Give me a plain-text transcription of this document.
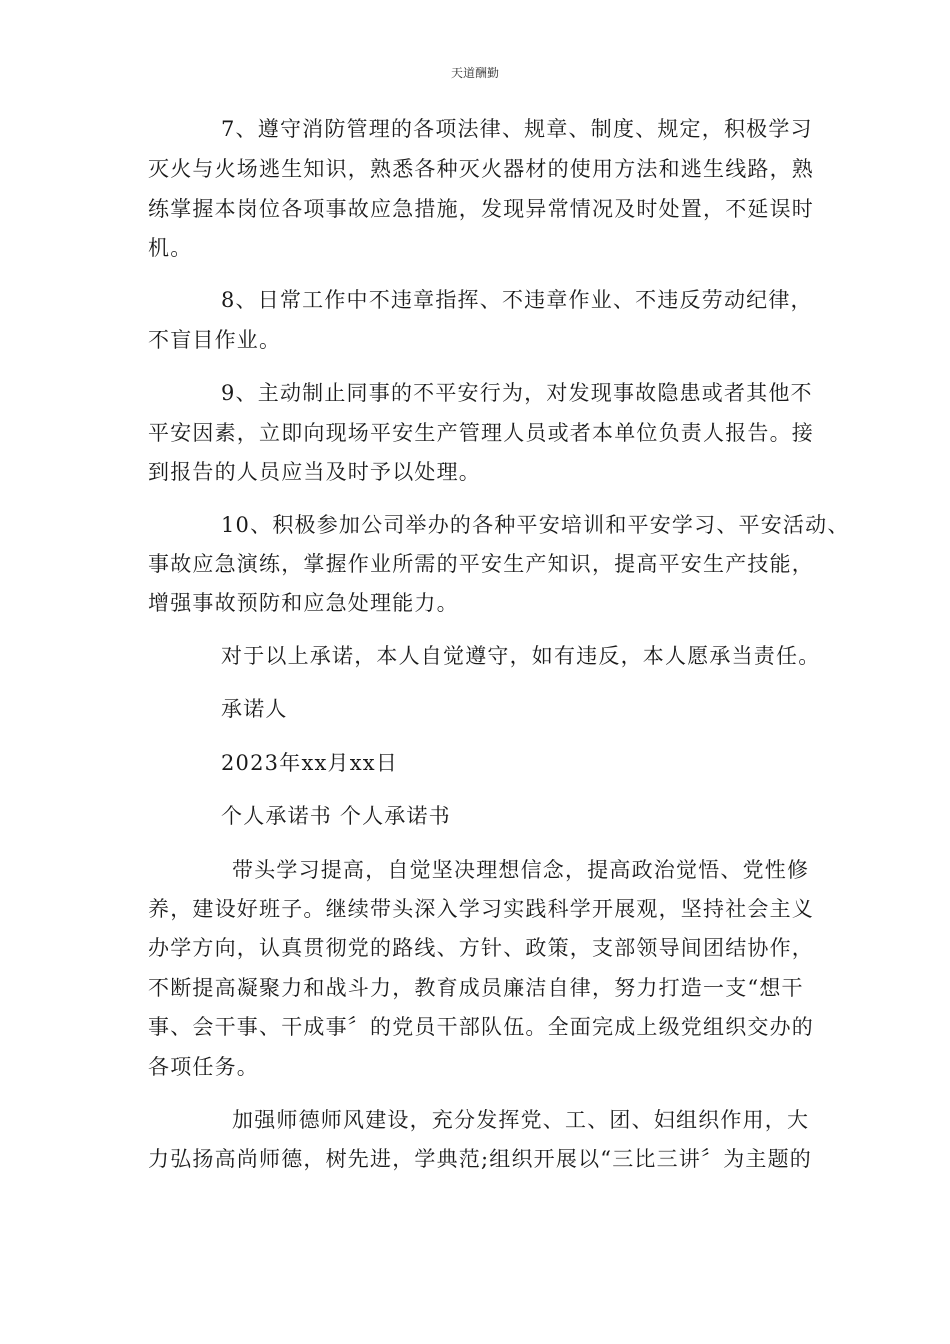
天道酬勤
7、遵守消防管理的各项法律、规章、制度、规定，积极学习
灭火与火场逃生知识，熟悉各种灭火器材的使用方法和逃生线路，熟
练掌握本岗位各项事故应急措施，发现异常情况及时处置，不延误时
机。
8、日常工作中不违章指挥、不违章作业、不违反劳动纪律，
不盲目作业。
9、主动制止同事的不平安行为，对发现事故隐患或者其他不
平安因素，立即向现场平安生产管理人员或者本单位负责人报告。接
到报告的人员应当及时予以处理。
10、积极参加公司举办的各种平安培训和平安学习、平安活动、
事故应急演练，掌握作业所需的平安生产知识，提高平安生产技能，
增强事故预防和应急处理能力。
对于以上承诺，本人自觉遵守，如有违反，本人愿承当责任。
承诺人
2023年xx月xx日
个人承诺书 个人承诺书
带头学习提高，自觉坚决理想信念，提高政治觉悟、党性修
养，建设好班子。继续带头深入学习实践科学开展观，坚持社会主义
办学方向，认真贯彻党的路线、方针、政策，支部领导间团结协作，
不断提高凝聚力和战斗力，教育成员廉洁自律，努力打造一支“想干
事、会干事、干成事〞的党员干部队伍。全面完成上级党组织交办的
各项任务。
加强师德师风建设，充分发挥党、工、团、妇组织作用，大
力弘扬高尚师德，树先进，学典范;组织开展以“三比三讲〞为主题的
